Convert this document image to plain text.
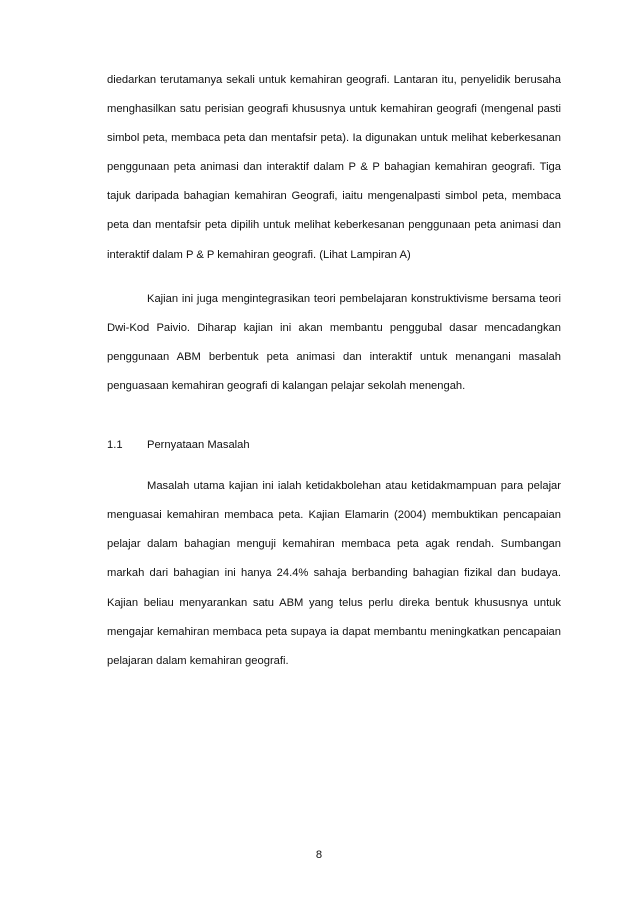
diedarkan terutamanya sekali untuk kemahiran geografi. Lantaran itu, penyelidik berusaha menghasilkan satu perisian geografi khususnya untuk kemahiran geografi (mengenal pasti simbol peta, membaca peta dan mentafsir peta). Ia digunakan untuk melihat keberkesanan penggunaan peta animasi dan interaktif dalam P & P bahagian kemahiran geografi. Tiga tajuk daripada bahagian kemahiran Geografi, iaitu mengenalpasti simbol peta, membaca peta dan mentafsir peta dipilih untuk melihat keberkesanan penggunaan peta animasi dan interaktif dalam P & P kemahiran geografi. (Lihat Lampiran A)

Kajian ini juga mengintegrasikan teori pembelajaran konstruktivisme bersama teori Dwi-Kod Paivio. Diharap kajian ini akan membantu penggubal dasar mencadangkan penggunaan ABM berbentuk peta animasi dan interaktif untuk menangani masalah penguasaan kemahiran geografi di kalangan pelajar sekolah menengah.

1.1	Pernyataan Masalah

Masalah utama kajian ini ialah ketidakbolehan atau ketidakmampuan para pelajar menguasai kemahiran membaca peta. Kajian Elamarin (2004) membuktikan pencapaian pelajar dalam bahagian menguji kemahiran membaca peta agak rendah. Sumbangan markah dari bahagian ini hanya 24.4% sahaja berbanding bahagian fizikal dan budaya. Kajian beliau menyarankan satu ABM yang telus perlu direka bentuk khususnya untuk mengajar kemahiran membaca peta supaya ia dapat membantu meningkatkan pencapaian pelajaran dalam kemahiran geografi.

8
